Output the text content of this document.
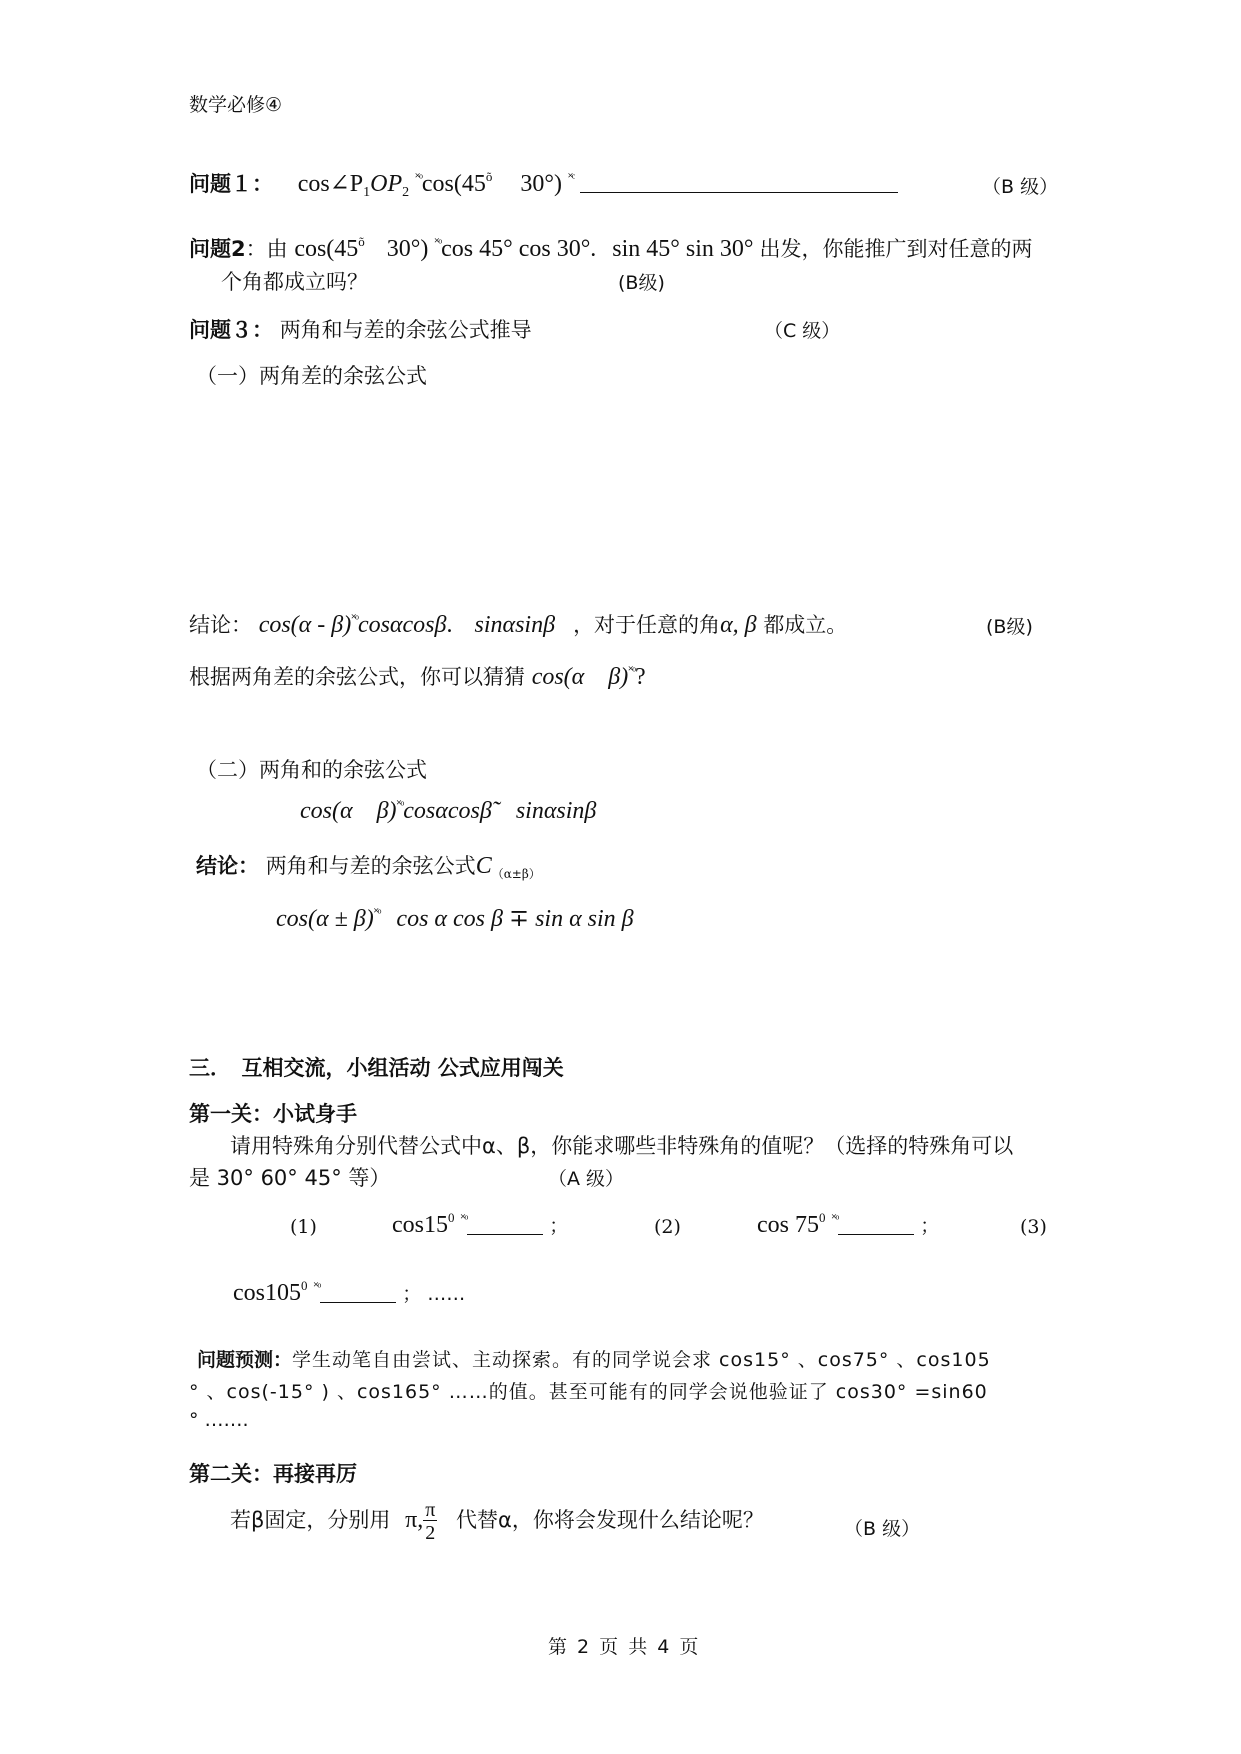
数学必修④
问题１： $\cos\angle P_1OP_2$ $^{˟ᵒ}\cos(45^õ$ 30°) $^{˟ᶜ}$	（B 级）
问题2：由 $\cos(45^õ$ 30°) $^{˟ᵒ}$cos 45° cos 30°. sin 45° sin 30° 出发，你能推广到对任意的两
个角都成立吗？	(B级)
问题３： 两角和与差的余弦公式推导	（C 级）
（一）两角差的余弦公式
结论： cos(α - β)$^{˟ᵒ}$cosαcosβ. sinαsinβ ，对于任意的角α, β 都成立。	(B级)
根据两角差的余弦公式，你可以猜猜 cos(α β)$^{˟ᵒ}$?
（二）两角和的余弦公式
cos(α β)$^{˟ᵒ}$cosαcosβ̃ sinαsinβ
结论： 两角和与差的余弦公式$C_{(\alpha\pm\beta)}$
$\cos(\alpha \pm \beta)^{˟ᵒ}$ cos α cos β ∓ sin α sin β
三．　互相交流，小组活动 公式应用闯关
第一关：小试身手
请用特殊角分别代替公式中α、β，你能求哪些非特殊角的值呢？（选择的特殊角可以
是 30° 60° 45° 等）	（A 级）
(1)	$\cos 15^0$ $^{˟ᵒ}$	；	(2)	$\cos 75^0$ $^{˟ᵒ}$	；	(3)
$\cos 105^0$ $^{˟ᵒ}$	； ……
问题预测：学生动笔自由尝试、主动探索。有的同学说会求 cos15° 、cos75° 、cos105
° 、cos(-15° ) 、cos165° ……的值。甚至可能有的同学会说他验证了 cos30° =sin60
° …….
第二关：再接再厉
若β固定，分别用 π, $\frac{\pi}{2}$ 代替α，你将会发现什么结论呢？	（B 级）
第 2 页 共 4 页
